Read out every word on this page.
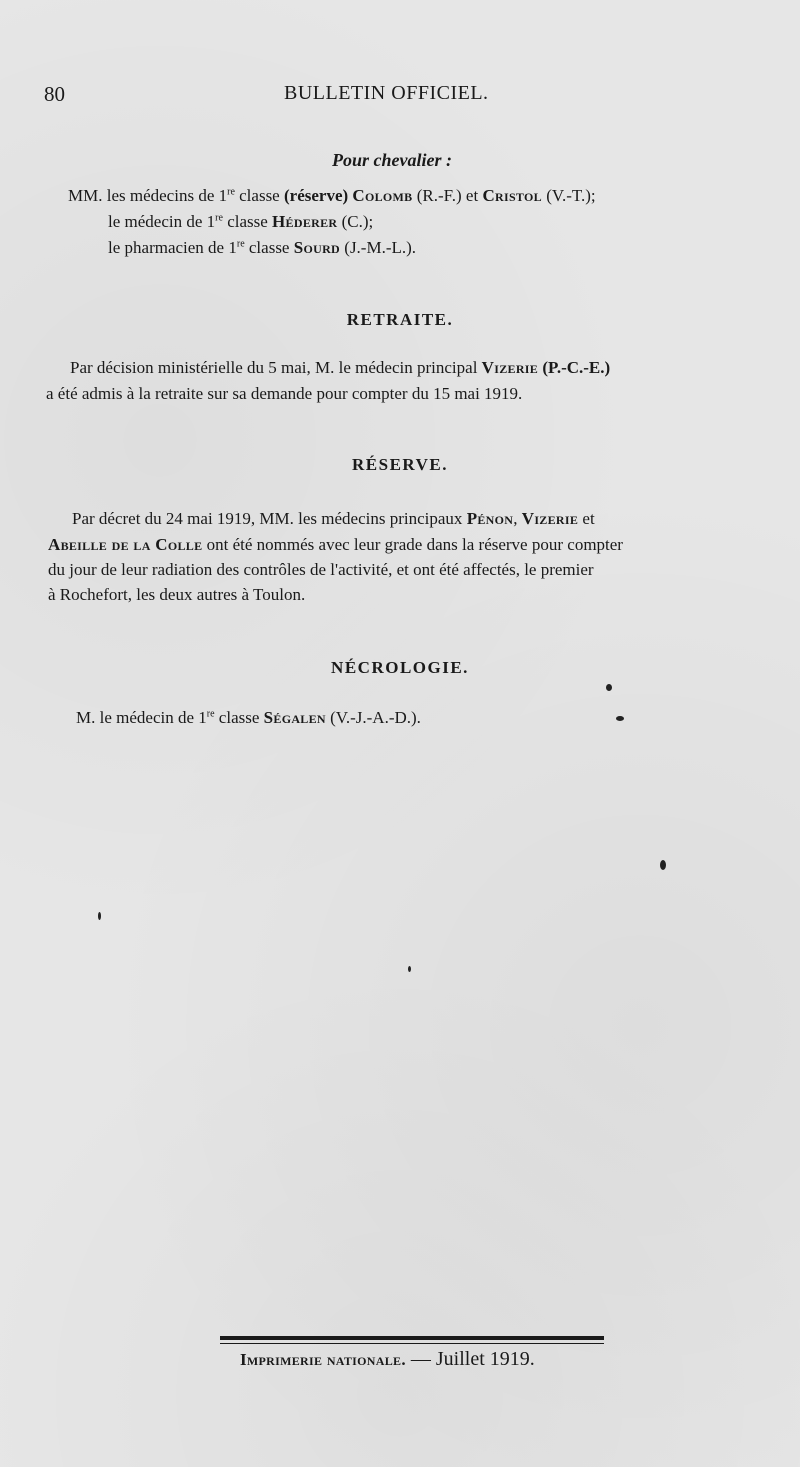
80	BULLETIN OFFICIEL.
Pour chevalier :
MM. les médecins de 1re classe (réserve) Colomb (R.-F.) et Cristol (V.-T.);
le médecin de 1re classe Héderer (C.);
le pharmacien de 1re classe Sourd (J.-M.-L.).
RETRAITE.
Par décision ministérielle du 5 mai, M. le médecin principal Vizerie (P.-C.-E.)
a été admis à la retraite sur sa demande pour compter du 15 mai 1919.
RÉSERVE.
Par décret du 24 mai 1919, MM. les médecins principaux Pénon, Vizerie et
Abeille de la Colle ont été nommés avec leur grade dans la réserve pour compter
du jour de leur radiation des contrôles de l'activité, et ont été affectés, le premier
à Rochefort, les deux autres à Toulon.
NÉCROLOGIE.
M. le médecin de 1re classe Ségalen (V.-J.-A.-D.).
Imprimerie nationale. — Juillet 1919.
